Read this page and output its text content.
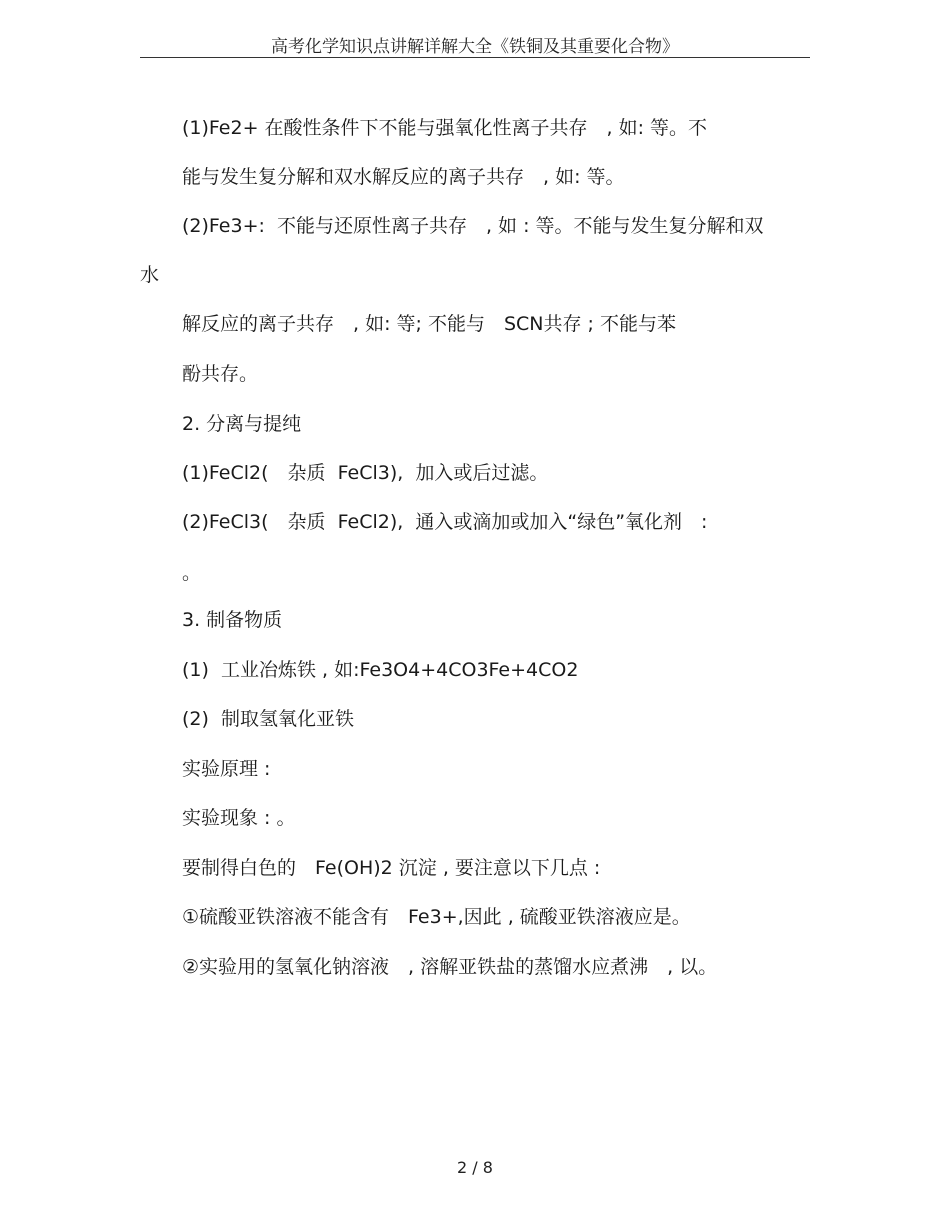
高考化学知识点讲解详解大全《铁铜及其重要化合物》
(1)Fe2+ 在酸性条件下不能与强氧化性离子共存　, 如: 等。不
能与发生复分解和双水解反应的离子共存　, 如: 等。
(2)Fe3+:  不能与还原性离子共存　, 如 : 等。不能与发生复分解和双
水
解反应的离子共存　, 如: 等; 不能与　SCN共存 ; 不能与苯
酚共存。
2. 分离与提纯
(1)FeCl2(　杂质  FeCl3),  加入或后过滤。
(2)FeCl3(　杂质  FeCl2),  通入或滴加或加入“绿色”氧化剂　:
。
3. 制备物质
(1)  工业冶炼铁 , 如:Fe3O4+4CO3Fe+4CO2
(2)  制取氢氧化亚铁
实验原理 :
实验现象 : 。
要制得白色的　Fe(OH)2 沉淀 , 要注意以下几点 :
①硫酸亚铁溶液不能含有　Fe3+,因此 , 硫酸亚铁溶液应是。
②实验用的氢氧化钠溶液　, 溶解亚铁盐的蒸馏水应煮沸　, 以。
2 / 8
